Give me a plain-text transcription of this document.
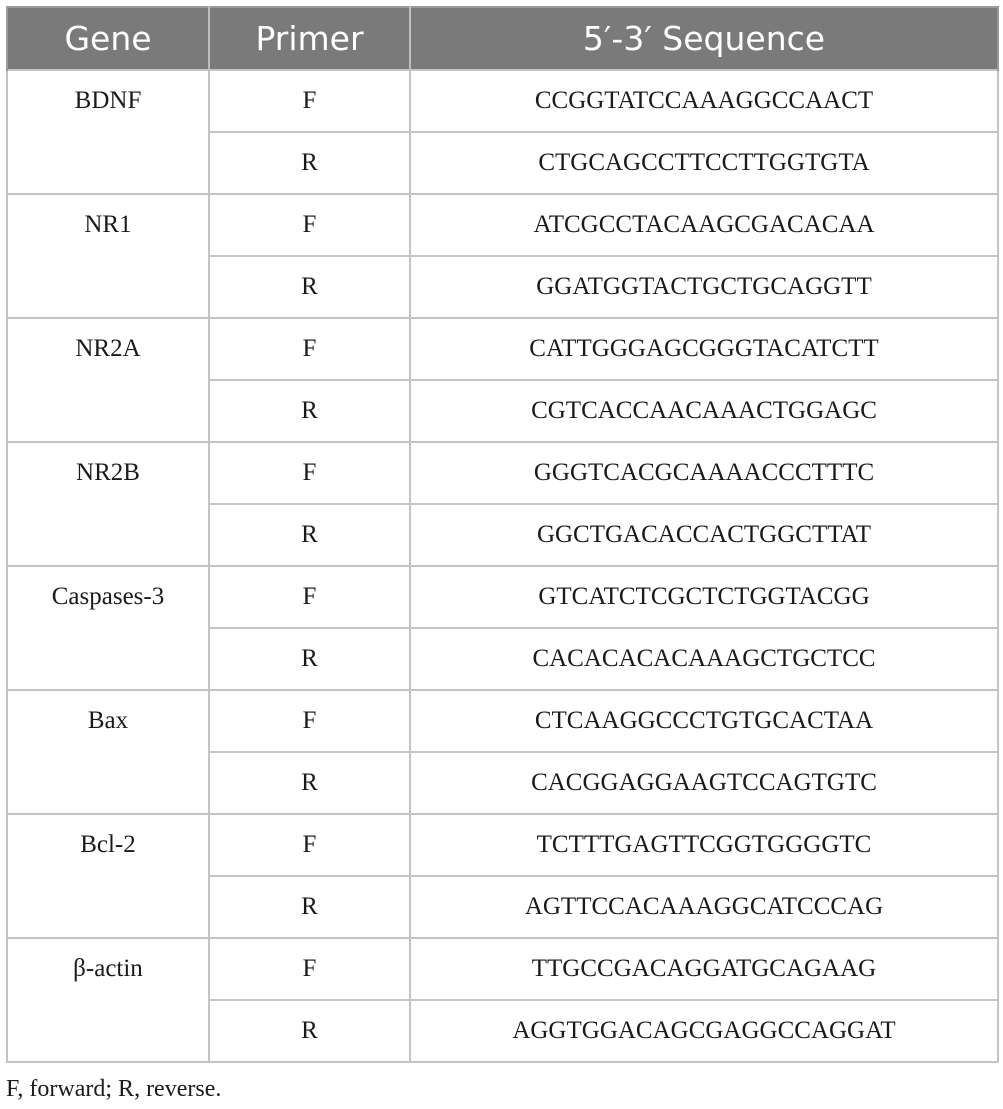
Gene	Primer	5′-3′ Sequence
BDNF	F	CCGGTATCCAAAGGCCAACT
	R	CTGCAGCCTTCCTTGGTGTA
NR1	F	ATCGCCTACAAGCGACACAA
	R	GGATGGTACTGCTGCAGGTT
NR2A	F	CATTGGGAGCGGGTACATCTT
	R	CGTCACCAACAAACTGGAGC
NR2B	F	GGGTCACGCAAAACCCTTTC
	R	GGCTGACACCACTGGCTTAT
Caspases-3	F	GTCATCTCGCTCTGGTACGG
	R	CACACACACAAAGCTGCTCC
Bax	F	CTCAAGGCCCTGTGCACTAA
	R	CACGGAGGAAGTCCAGTGTC
Bcl-2	F	TCTTTGAGTTCGGTGGGGTC
	R	AGTTCCACAAAGGCATCCCAG
β-actin	F	TTGCCGACAGGATGCAGAAG
	R	AGGTGGACAGCGAGGCCAGGAT
F, forward; R, reverse.
